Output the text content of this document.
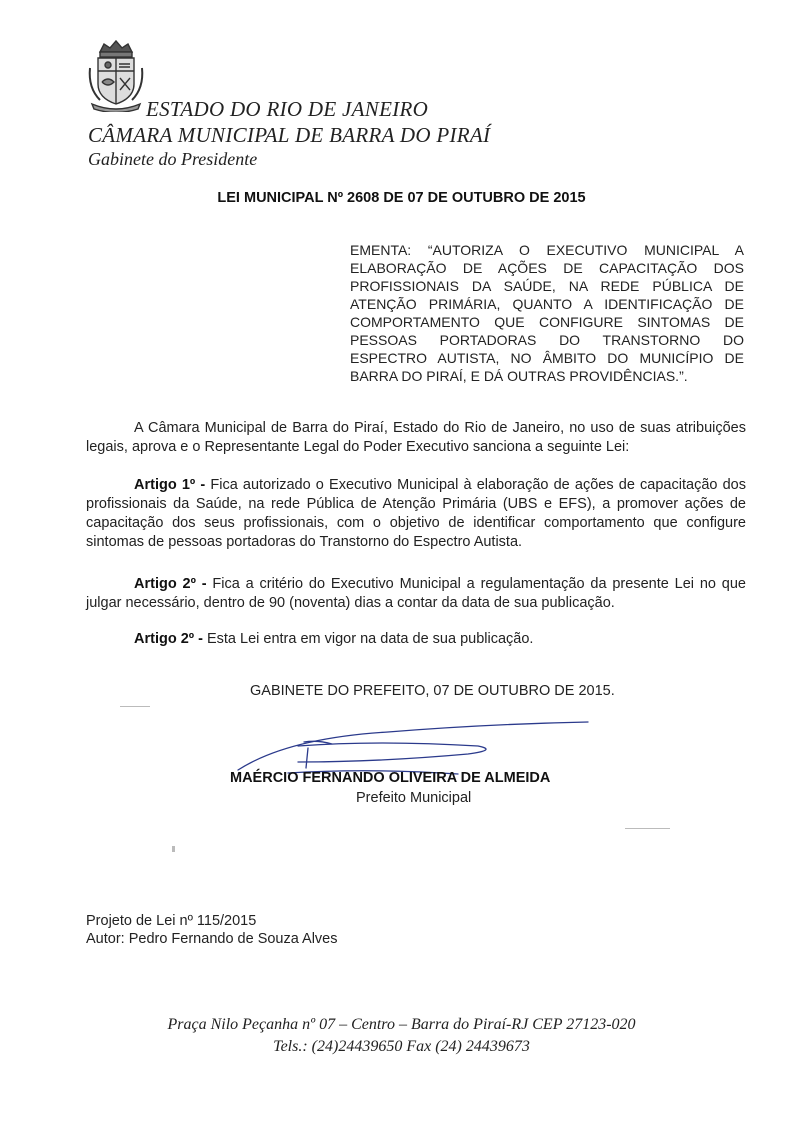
ESTADO DO RIO DE JANEIRO
CÂMARA MUNICIPAL DE BARRA DO PIRAÍ
Gabinete do Presidente
LEI MUNICIPAL Nº 2608 DE 07 DE OUTUBRO DE 2015
EMENTA: “AUTORIZA O EXECUTIVO MUNICIPAL A ELABORAÇÃO DE AÇÕES DE CAPACITAÇÃO DOS PROFISSIONAIS DA SAÚDE, NA REDE PÚBLICA DE ATENÇÃO PRIMÁRIA, QUANTO A IDENTIFICAÇÃO DE COMPORTAMENTO QUE CONFIGURE SINTOMAS DE PESSOAS PORTADORAS DO TRANSTORNO DO ESPECTRO AUTISTA, NO ÂMBITO DO MUNICÍPIO DE BARRA DO PIRAÍ, E DÁ OUTRAS PROVIDÊNCIAS.”.
A Câmara Municipal de Barra do Piraí, Estado do Rio de Janeiro, no uso de suas atribuições legais, aprova e o Representante Legal do Poder Executivo sanciona a seguinte Lei:
Artigo 1º - Fica autorizado o Executivo Municipal à elaboração de ações de capacitação dos profissionais da Saúde, na rede Pública de Atenção Primária (UBS e EFS), a promover ações de capacitação dos seus profissionais, com o objetivo de identificar comportamento que configure sintomas de pessoas portadoras do Transtorno do Espectro Autista.
Artigo 2º - Fica a critério do Executivo Municipal a regulamentação da presente Lei no que julgar necessário, dentro de 90 (noventa) dias a contar da data de sua publicação.
Artigo 2º - Esta Lei entra em vigor na data de sua publicação.
GABINETE DO PREFEITO, 07 DE OUTUBRO DE 2015.
MAÉRCIO FERNANDO OLIVEIRA DE ALMEIDA
Prefeito Municipal
Projeto de Lei nº 115/2015
Autor: Pedro Fernando de Souza Alves
Praça Nilo Peçanha nº 07 – Centro – Barra do Piraí-RJ CEP 27123-020
Tels.: (24)24439650 Fax (24) 24439673
